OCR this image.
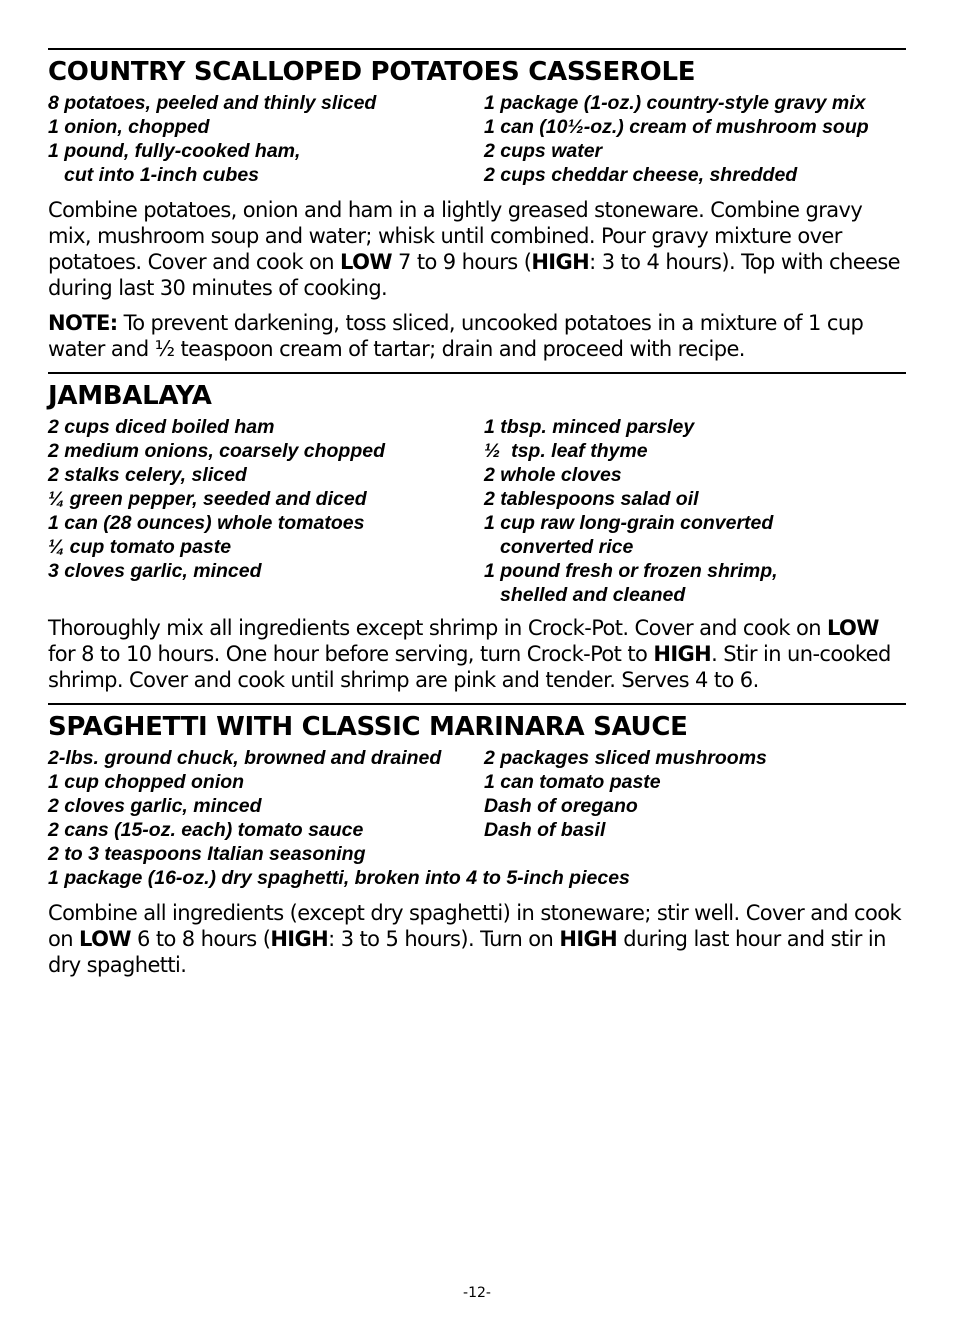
COUNTRY SCALLOPED POTATOES CASSEROLE
8 potatoes, peeled and thinly sliced
1 onion, chopped
1 pound, fully-cooked ham,
cut into 1-inch cubes
1 package (1-oz.) country-style gravy mix
1 can (10½-oz.) cream of mushroom soup
2 cups water
2 cups cheddar cheese, shredded

Combine potatoes, onion and ham in a lightly greased stoneware. Combine gravy mix, mushroom soup and water; whisk until combined. Pour gravy mixture over potatoes. Cover and cook on LOW 7 to 9 hours (HIGH: 3 to 4 hours). Top with cheese during last 30 minutes of cooking.

NOTE: To prevent darkening, toss sliced, uncooked potatoes in a mixture of 1 cup water and ½ teaspoon cream of tartar; drain and proceed with recipe.

JAMBALAYA
2 cups diced boiled ham
2 medium onions, coarsely chopped
2 stalks celery, sliced
¼ green pepper, seeded and diced
1 can (28 ounces) whole tomatoes
¼ cup tomato paste
3 cloves garlic, minced
1 tbsp. minced parsley
½  tsp. leaf thyme
2 whole cloves
2 tablespoons salad oil
1 cup raw long-grain converted
converted rice
1 pound fresh or frozen shrimp,
shelled and cleaned

Thoroughly mix all ingredients except shrimp in Crock-Pot. Cover and cook on LOW for 8 to 10 hours. One hour before serving, turn Crock-Pot to HIGH. Stir in un-cooked shrimp. Cover and cook until shrimp are pink and tender. Serves 4 to 6.

SPAGHETTI WITH CLASSIC MARINARA SAUCE
2-lbs. ground chuck, browned and drained
1 cup chopped onion
2 cloves garlic, minced
2 cans (15-oz. each) tomato sauce
2 to 3 teaspoons Italian seasoning
2 packages sliced mushrooms
1 can tomato paste
Dash of oregano
Dash of basil
1 package (16-oz.) dry spaghetti, broken into 4 to 5-inch pieces

Combine all ingredients (except dry spaghetti) in stoneware; stir well. Cover and cook on LOW 6 to 8 hours (HIGH: 3 to 5 hours). Turn on HIGH during last hour and stir in dry spaghetti.

-12-
